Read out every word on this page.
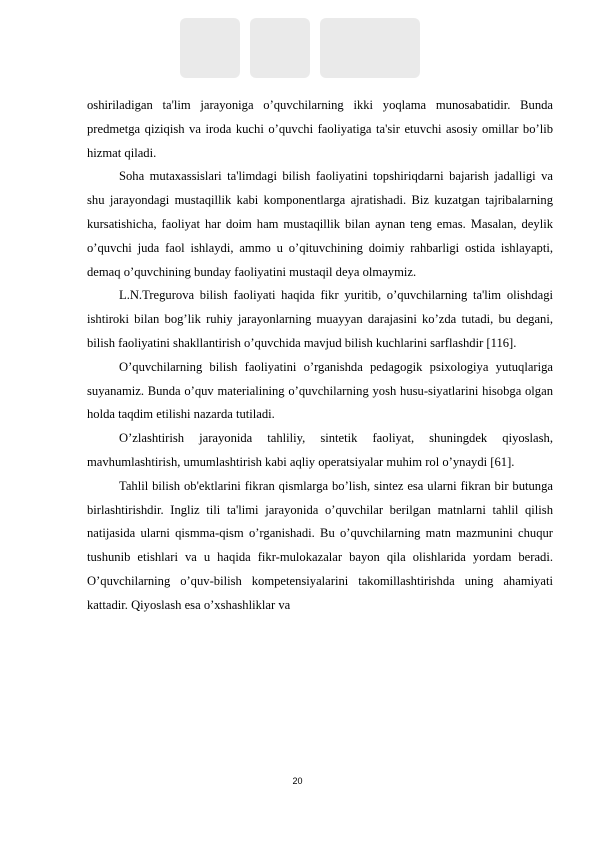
oshiriladigan ta'lim jarayoniga o’quvchilarning ikki yoqlama munosabatidir. Bunda predmetga qiziqish va iroda kuchi o’quvchi faoliyatiga ta'sir etuvchi asosiy omillar bo’lib hizmat qiladi.

Soha mutaxassislari ta'limdagi bilish faoliyatini topshiriqdarni bajarish jadalligi va shu jarayondagi mustaqillik kabi komponentlarga ajratishadi. Biz kuzatgan tajribalarning kursatishicha, faoliyat har doim ham mustaqillik bilan aynan teng emas. Masalan, deylik o’quvchi juda faol ishlaydi, ammo u o’qituvchining doimiy rahbarligi ostida ishlayapti, demaq o’quvchining bunday faoliyatini mustaqil deya olmaymiz.

L.N.Tregurova bilish faoliyati haqida fikr yuritib, o’quvchilarning ta'lim olishdagi ishtiroki bilan bog’lik ruhiy jarayonlarning muayyan darajasini ko’zda tutadi, bu degani, bilish faoliyatini shakllantirish o’quvchida mavjud bilish kuchlarini sarflashdir [116].

O’quvchilarning bilish faoliyatini o’rganishda pedagogik psixologiya yutuqlariga suyanamiz. Bunda o’quv materialining o’quvchilarning yosh husu-siyatlarini hisobga olgan holda taqdim etilishi nazarda tutiladi.

O’zlashtirish jarayonida tahliliy, sintetik faoliyat, shuningdek qiyoslash, mavhumlashtirish, umumlashtirish kabi aqliy operatsiyalar muhim rol o’ynaydi [61].

Tahlil bilish ob'ektlarini fikran qismlarga bo’lish, sintez esa ularni fikran bir butunga birlashtirishdir. Ingliz tili ta'limi jarayonida o’quvchilar berilgan matnlarni tahlil qilish natijasida ularni qismma-qism o’rganishadi. Bu o’quvchilarning matn mazmunini chuqur tushunib etishlari va u haqida fikr-mulokazalar bayon qila olishlarida yordam beradi. O’quvchilarning o’quv-bilish kompetensiyalarini takomillashtirishda uning ahamiyati kattadir. Qiyoslash esa o’xshashliklar va

20
